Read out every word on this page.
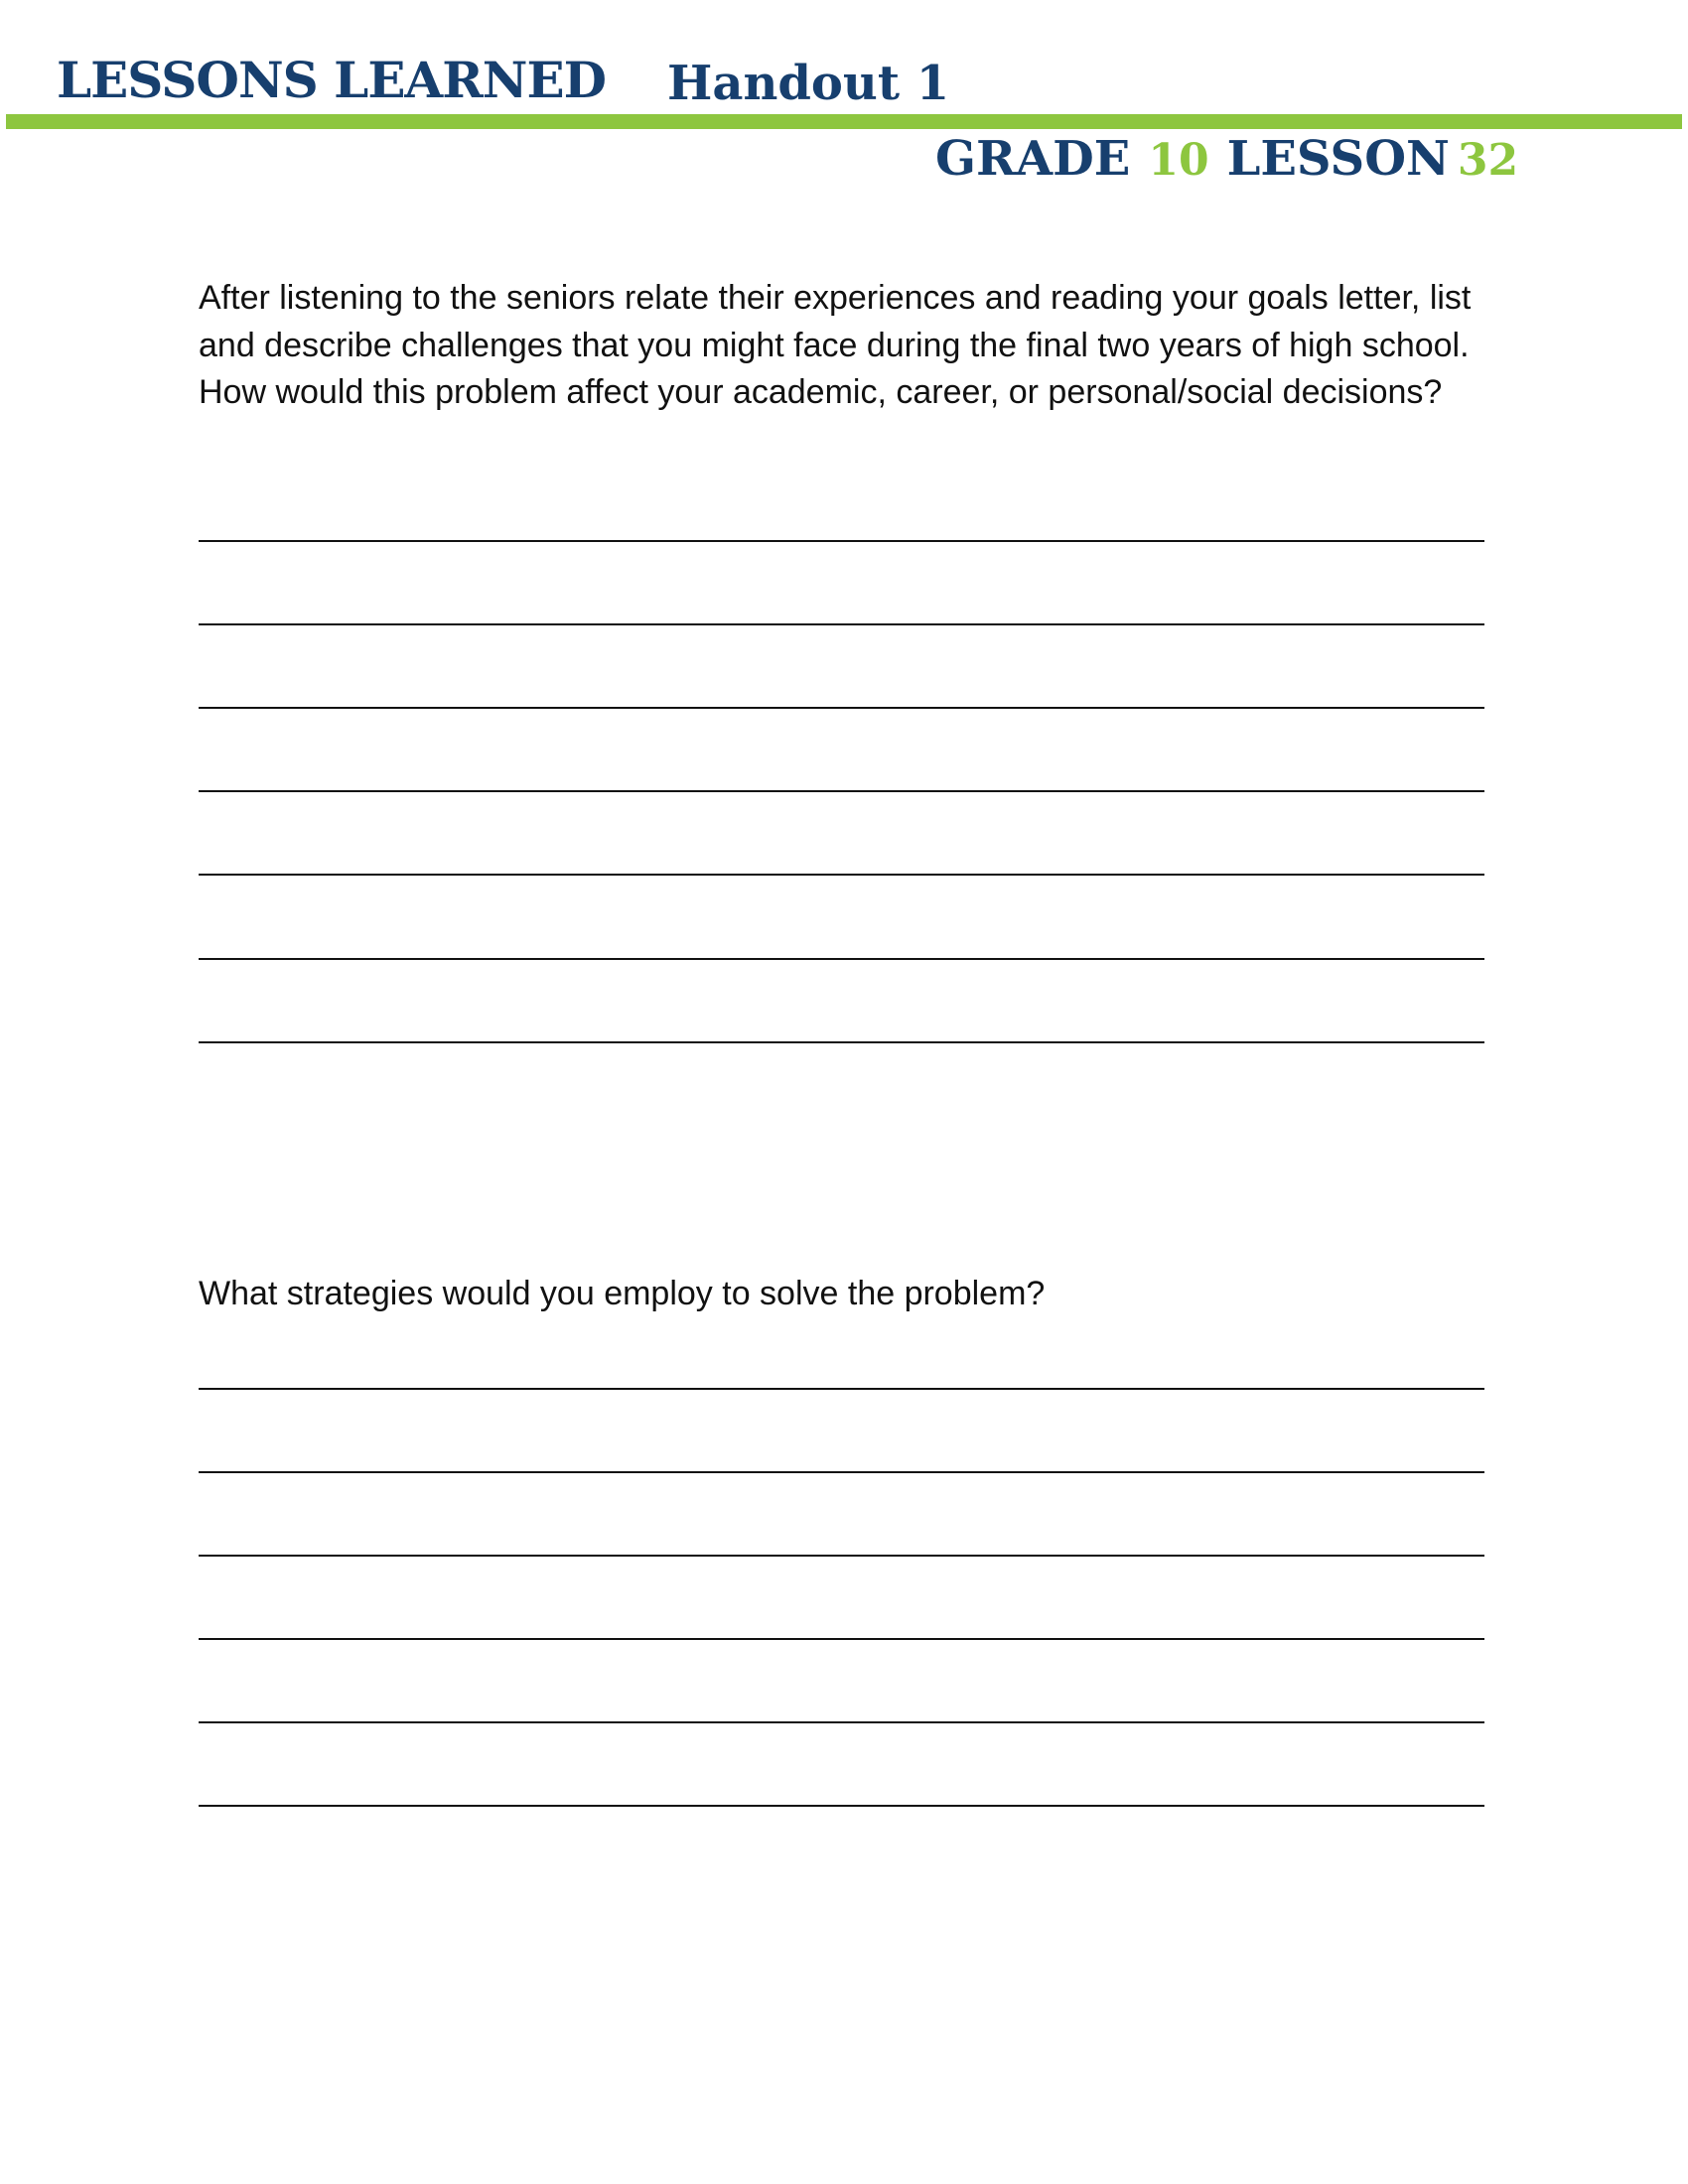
LESSONS LEARNED Handout 1
GRADE 10 LESSON 32
After listening to the seniors relate their experiences and reading your goals letter, list and describe challenges that you might face during the final two years of high school. How would this problem affect your academic, career, or personal/social decisions?
What strategies would you employ to solve the problem?
